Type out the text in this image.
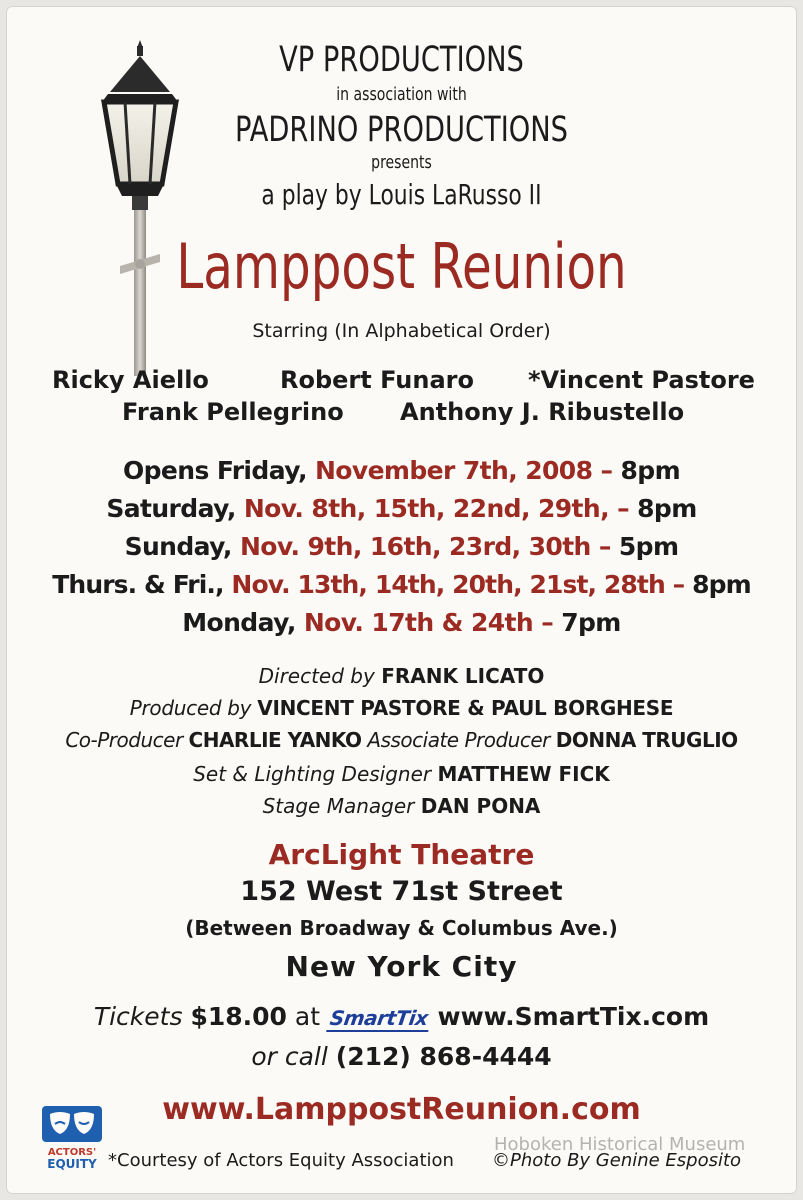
VP PRODUCTIONS
in association with
PADRINO PRODUCTIONS
presents
a play by Louis LaRusso II
Lamppost Reunion
Starring (In Alphabetical Order)
Ricky Aiello	Robert Funaro *Vincent Pastore
Frank Pellegrino Anthony J. Ribustello
Opens Friday, November 7th, 2008 – 8pm
Saturday, Nov. 8th, 15th, 22nd, 29th, – 8pm
Sunday, Nov. 9th, 16th, 23rd, 30th – 5pm
Thurs. & Fri., Nov. 13th, 14th, 20th, 21st, 28th – 8pm
Monday, Nov. 17th & 24th – 7pm
Directed by FRANK LICATO
Produced by VINCENT PASTORE & PAUL BORGHESE
Co-Producer CHARLIE YANKO Associate Producer DONNA TRUGLIO
Set & Lighting Designer MATTHEW FICK
Stage Manager DAN PONA
ArcLight Theatre
152 West 71st Street
(Between Broadway & Columbus Ave.)
New York City
Tickets $18.00 at SmartTix www.SmartTix.com
or call (212) 868-4444
www.LamppostReunion.com
ACTORS'
EQUITY *Courtesy of Actors Equity Association ©Photo By Genine Esposito
Hoboken Historical Museum
